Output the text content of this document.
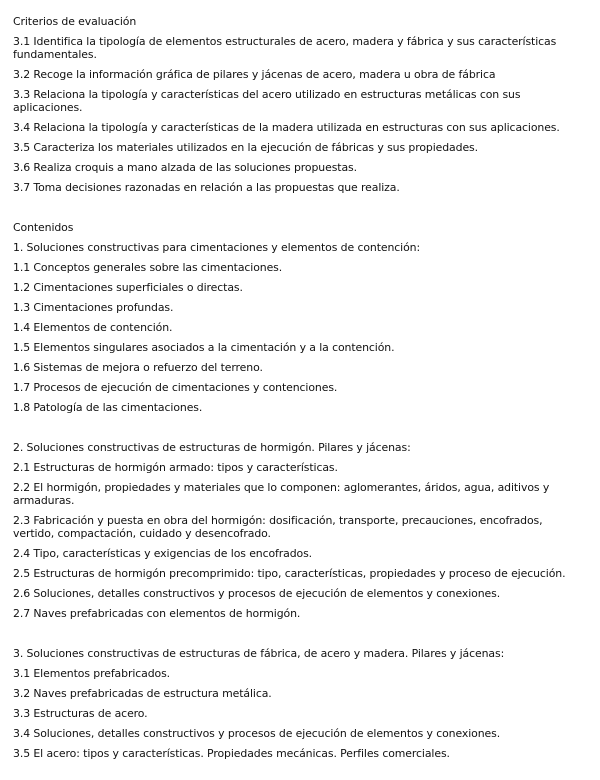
Criterios de evaluación

3.1 Identifica la tipología de elementos estructurales de acero, madera y fábrica y sus características fundamentales.

3.2 Recoge la información gráfica de pilares y jácenas de acero, madera u obra de fábrica

3.3 Relaciona la tipología y características del acero utilizado en estructuras metálicas con sus aplicaciones.

3.4 Relaciona la tipología y características de la madera utilizada en estructuras con sus aplicaciones.

3.5 Caracteriza los materiales utilizados en la ejecución de fábricas y sus propiedades.

3.6 Realiza croquis a mano alzada de las soluciones propuestas.

3.7 Toma decisiones razonadas en relación a las propuestas que realiza.

Contenidos

1. Soluciones constructivas para cimentaciones y elementos de contención:

1.1 Conceptos generales sobre las cimentaciones.

1.2 Cimentaciones superficiales o directas.

1.3 Cimentaciones profundas.

1.4 Elementos de contención.

1.5 Elementos singulares asociados a la cimentación y a la contención.

1.6 Sistemas de mejora o refuerzo del terreno.

1.7 Procesos de ejecución de cimentaciones y contenciones.

1.8 Patología de las cimentaciones.

2. Soluciones constructivas de estructuras de hormigón. Pilares y jácenas:

2.1 Estructuras de hormigón armado: tipos y características.

2.2 El hormigón, propiedades y materiales que lo componen: aglomerantes, áridos, agua, aditivos y armaduras.

2.3 Fabricación y puesta en obra del hormigón: dosificación, transporte, precauciones, encofrados, vertido, compactación, cuidado y desencofrado.

2.4 Tipo, características y exigencias de los encofrados.

2.5 Estructuras de hormigón precomprimido: tipo, características, propiedades y proceso de ejecución.

2.6 Soluciones, detalles constructivos y procesos de ejecución de elementos y conexiones.

2.7 Naves prefabricadas con elementos de hormigón.

3. Soluciones constructivas de estructuras de fábrica, de acero y madera. Pilares y jácenas:

3.1 Elementos prefabricados.

3.2 Naves prefabricadas de estructura metálica.

3.3 Estructuras de acero.

3.4 Soluciones, detalles constructivos y procesos de ejecución de elementos y conexiones.

3.5 El acero: tipos y características. Propiedades mecánicas. Perfiles comerciales.
